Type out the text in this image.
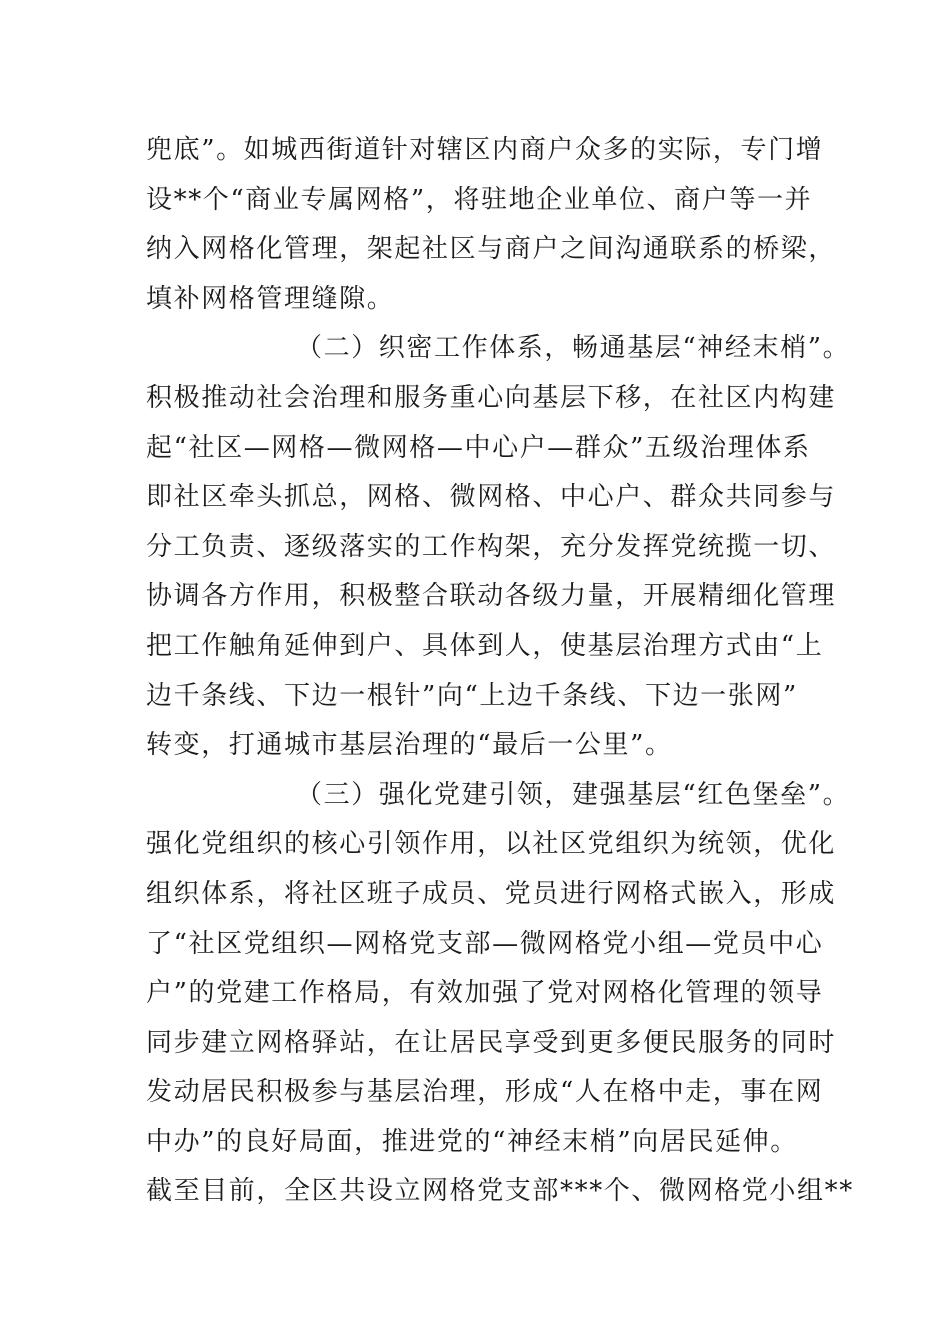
兜底”。如城西街道针对辖区内商户众多的实际，专门增
设**个“商业专属网格”，将驻地企业单位、商户等一并
纳入网格化管理，架起社区与商户之间沟通联系的桥梁，
填补网格管理缝隙。
（二）织密工作体系，畅通基层“神经末梢”。
积极推动社会治理和服务重心向基层下移，在社区内构建
起“社区—网格—微网格—中心户—群众”五级治理体系
即社区牵头抓总，网格、微网格、中心户、群众共同参与
分工负责、逐级落实的工作构架，充分发挥党统揽一切、
协调各方作用，积极整合联动各级力量，开展精细化管理
把工作触角延伸到户、具体到人，使基层治理方式由“上
边千条线、下边一根针”向“上边千条线、下边一张网”
转变，打通城市基层治理的“最后一公里”。
（三）强化党建引领，建强基层“红色堡垒”。
强化党组织的核心引领作用，以社区党组织为统领，优化
组织体系，将社区班子成员、党员进行网格式嵌入，形成
了“社区党组织—网格党支部—微网格党小组—党员中心
户”的党建工作格局，有效加强了党对网格化管理的领导
同步建立网格驿站，在让居民享受到更多便民服务的同时
发动居民积极参与基层治理，形成“人在格中走，事在网
中办”的良好局面，推进党的“神经末梢”向居民延伸。
截至目前，全区共设立网格党支部***个、微网格党小组**
